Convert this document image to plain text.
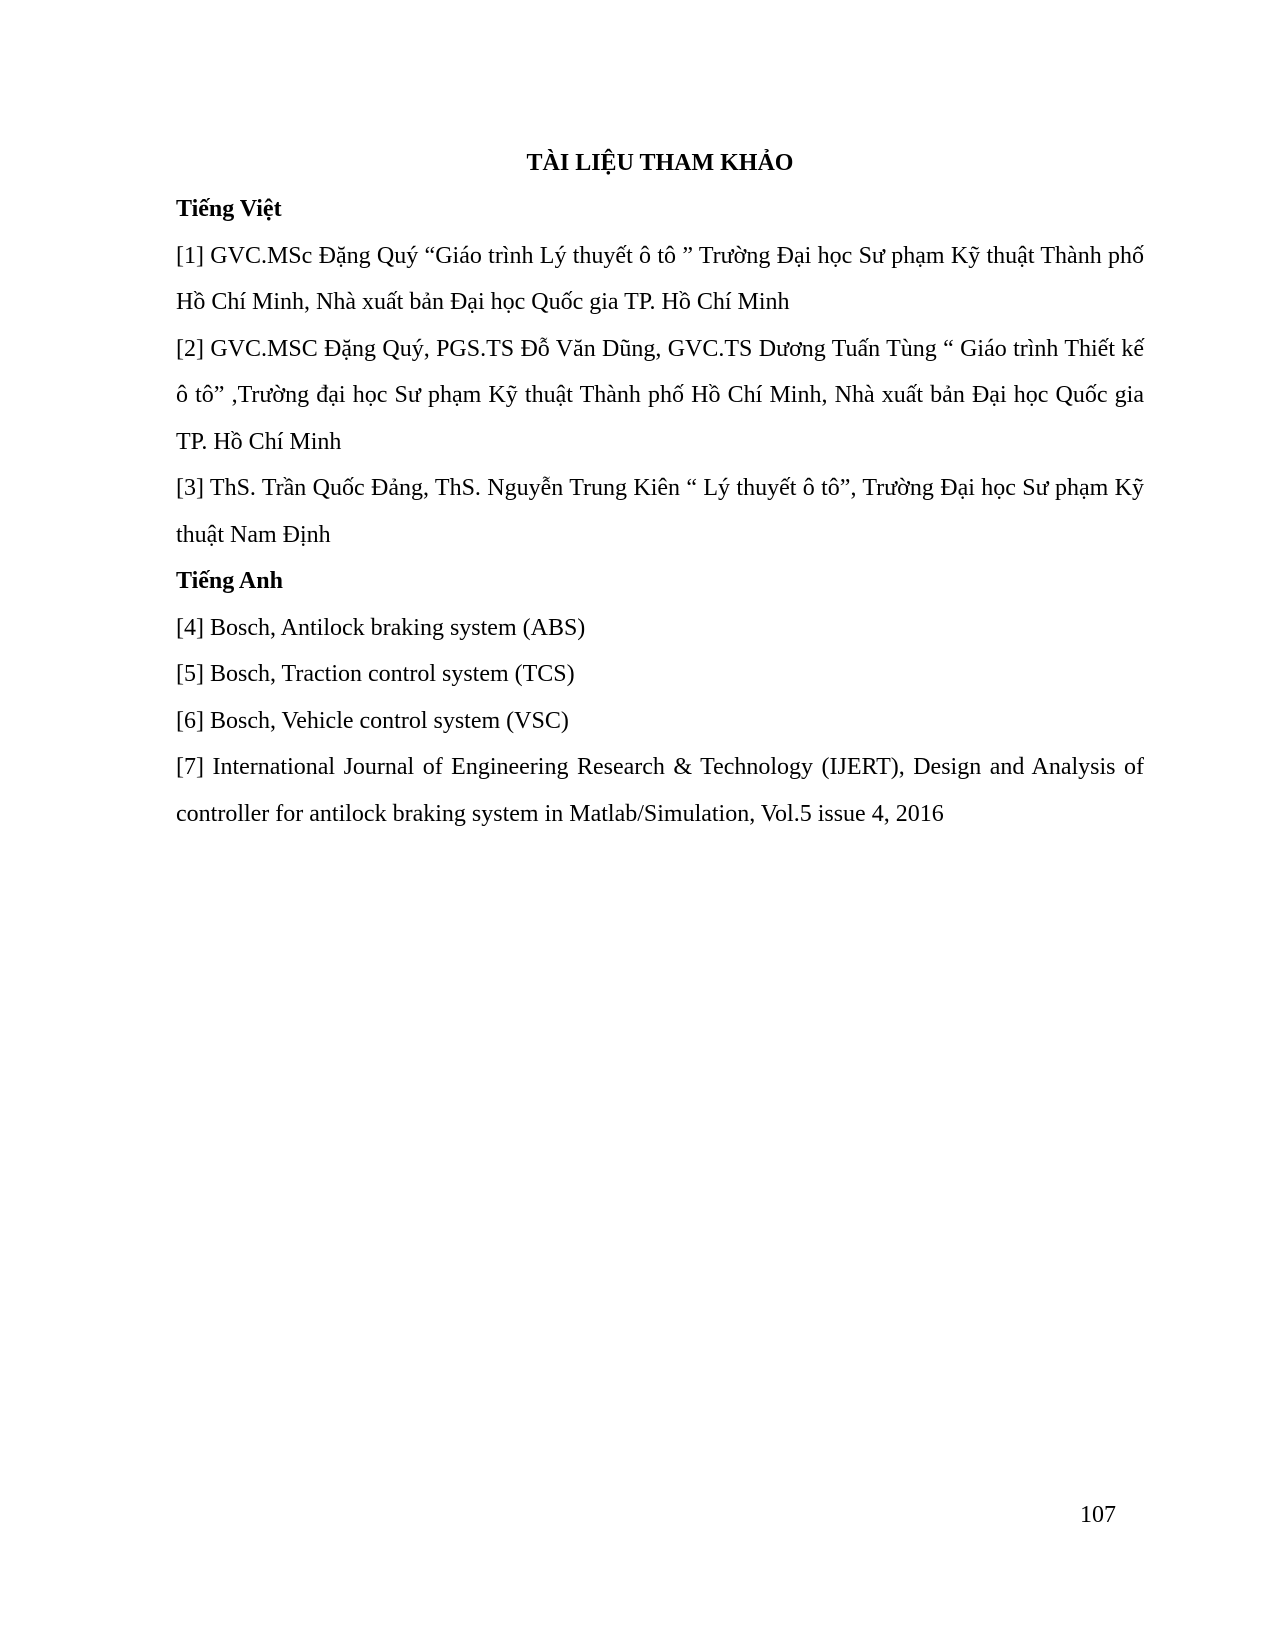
TÀI LIỆU THAM KHẢO

Tiếng Việt

[1] GVC.MSc Đặng Quý “Giáo trình Lý thuyết ô tô ” Trường Đại học Sư phạm Kỹ thuật Thành phố Hồ Chí Minh, Nhà xuất bản Đại học Quốc gia TP. Hồ Chí Minh

[2] GVC.MSC Đặng Quý, PGS.TS Đỗ Văn Dũng, GVC.TS Dương Tuấn Tùng “ Giáo trình Thiết kế ô tô” ,Trường đại học Sư phạm Kỹ thuật Thành phố Hồ Chí Minh, Nhà xuất bản Đại học Quốc gia TP. Hồ Chí Minh

[3] ThS. Trần Quốc Đảng, ThS. Nguyễn Trung Kiên “ Lý thuyết ô tô”, Trường Đại học Sư phạm Kỹ thuật Nam Định

Tiếng Anh

[4] Bosch, Antilock braking system (ABS)

[5] Bosch, Traction control system (TCS)

[6] Bosch, Vehicle control system (VSC)

[7] International Journal of Engineering Research & Technology (IJERT), Design and Analysis of controller for antilock braking system in Matlab/Simulation, Vol.5 issue 4, 2016

107
